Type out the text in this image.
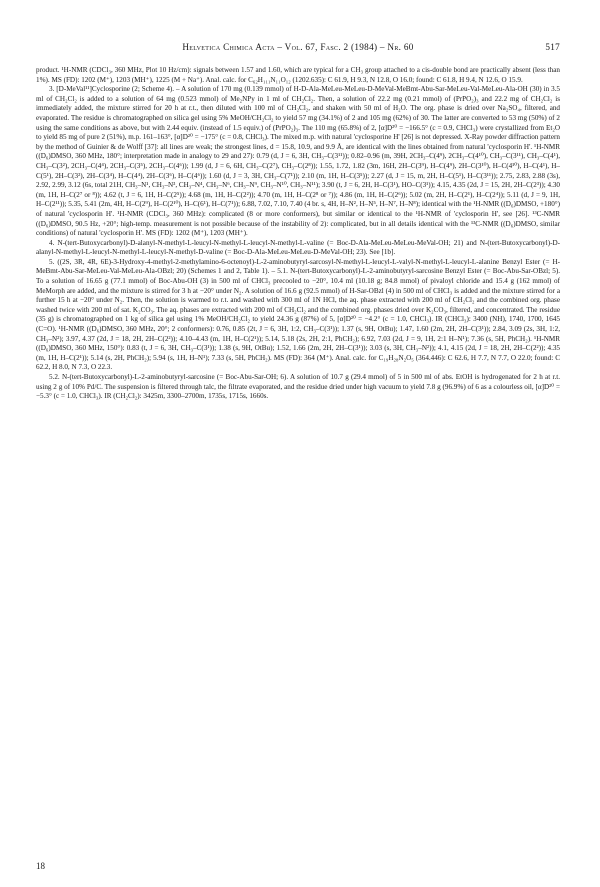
Helvetica Chimica Acta – Vol. 67, Fasc. 2 (1984) – Nr. 60	517

product. ¹H-NMR (CDCl₃, 360 MHz, Plot 10 Hz/cm): signals between 1.57 and 1.60, which are typical for a CH₃ group attached to a cis-double bond are practically absent (less than 1%). MS (FD): 1202 (M⁺), 1203 (MH⁺), 1225 (M + Na⁺). Anal. calc. for C₆₂H₁₁₁N₁₁O₁₂ (1202.635): C 61.9, H 9.3, N 12.8, O 16.0; found: C 61.8, H 9.4, N 12.6, O 15.9.

3. [D-MeVal¹¹]Cyclosporine (2; Scheme 4). – A solution of 170 mg (0.139 mmol) of H-D-Ala-MeLeu-MeLeu-D-MeVal-MeBmt-Abu-Sar-MeLeu-Val-MeLeu-Ala-OH (30) in 3.5 ml of CH₂Cl₂ is added to a solution of 64 mg (0.523 mmol) of Me₂NPy in 1 ml of CH₂Cl₂. Then, a solution of 22.2 mg (0.21 mmol) of (PrPO₂)₃ and 22.2 mg of CH₂Cl₂ is immediately added, the mixture stirred for 20 h at r.t., then diluted with 100 ml of CH₂Cl₂, and shaken with 50 ml of H₂O. The org. phase is dried over Na₂SO₄, filtered, and evaporated. The residue is chromatographed on silica gel using 5% MeOH/CH₂Cl₂ to yield 57 mg (34.1%) of 2 and 105 mg (62%) of 30. The latter are converted to 53 mg (50%) of 2 using the same conditions as above, but with 2.44 equiv. (instead of 1.5 equiv.) of (PrPO₂)₃. The 110 mg (65.8%) of 2, [α]D²⁰ = −166.5° (c = 0.9, CHCl₃) were crystallized from Et₂O to yield 85 mg of pure 2 (51%), m.p. 161–163°, [α]D²⁰ = −175° (c = 0.8, CHCl₃). The mixed m.p. with natural 'cyclosporine H' [26] is not depressed. X-Ray powder diffraction pattern by the method of Guinier & de Wolff [37]: all lines are weak; the strongest lines, d = 15.8, 10.9, and 9.9 Å, are identical with the lines obtained from natural 'cyclosporin H'. ¹H-NMR ((D₆)DMSO, 360 MHz, 180°; interpretation made in analogy to 29 and 27): 0.79 (d, J = 6, 3H, CH₃–C(3¹¹)); 0.82–0.96 (m, 39H, 2CH₃–C(4⁹), 2CH₃–C(4¹⁰), CH₃–C(3¹¹), CH₃–C(4¹), CH₃–C(3²), 2CH₃–C(4⁴), 2CH₃–C(3⁵), 2CH₃–C(4⁶)); 1.99 (d, J = 6, 6H, CH₃–C(2⁷), CH₃–C(2⁸)); 1.55, 1.72, 1.82 (3m, 16H, 2H–C(3⁹), H–C(4⁹), 2H–C(3¹⁰), H–C(4¹⁰), H–C(4¹), H–C(5¹), 2H–C(3²), 2H–C(3⁴), H–C(4⁴), 2H–C(3⁶), H–C(4⁶)); 1.60 (d, J = 3, 3H, CH₃–C(7¹)); 2.10 (m, 1H, H–C(3⁵)); 2.27 (d, J = 15, m, 2H, H–C(5¹), H–C(3¹¹)); 2.75, 2.83, 2.88 (3s), 2.92, 2.99, 3.12 (6s, total 21H, CH₃–N¹, CH₃–N³, CH₃–N⁴, CH₃–N⁶, CH₃–N⁹, CH₃–N¹⁰, CH₃–N¹¹); 3.90 (t, J = 6, 2H, H–C(3¹), HO–C(3¹)); 4.15, 4.35 (2d, J = 15, 2H, 2H–C(2³)); 4.30 (m, 1H, H–C(2⁷ or ⁸)); 4.62 (t, J = 6, 1H, H–C(2⁵)); 4.68 (m, 1H, H–C(2²)); 4.70 (m, 1H, H–C(2⁸ or ⁷)); 4.86 (m, 1H, H–C(2⁶)); 5.02 (m, 2H, H–C(2¹), H–C(2⁴)); 5.11 (d, J = 9, 1H, H–C(2¹¹)); 5.35, 5.41 (2m, 4H, H–C(2⁹), H–C(2¹⁰), H–C(6¹), H–C(7¹)); 6.88, 7.02, 7.10, 7.40 (4 br. s, 4H, H–N², H–N⁵, H–N⁷, H–N⁸); identical with the ¹H-NMR ((D₆)DMSO, +180°) of natural 'cyclosporin H'. ¹H-NMR (CDCl₃, 360 MHz): complicated (8 or more conformers), but similar or identical to the ¹H-NMR of 'cyclosporin H', see [26]. ¹³C-NMR ((D₆)DMSO, 90.5 Hz, +20°; high-temp. measurement is not possible because of the instability of 2): complicated, but in all details identical with the ¹³C-NMR ((D₆)DMSO, similar conditions) of natural 'cyclosporin H'. MS (FD): 1202 (M⁺), 1203 (MH⁺).

4. N-(tert-Butoxycarbonyl)-D-alanyl-N-methyl-L-leucyl-N-methyl-L-leucyl-N-methyl-L-valine (= Boc-D-Ala-MeLeu-MeLeu-MeVal-OH; 21) and N-(tert-Butoxycarbonyl)-D-alanyl-N-methyl-L-leucyl-N-methyl-L-leucyl-N-methyl-D-valine (= Boc-D-Ala-MeLeu-MeLeu-D-MeVal-OH; 23). See [1b].

5. ((2S, 3R, 4R, 6E)-3-Hydroxy-4-methyl-2-methylamino-6-octenoyl)-L-2-aminobutyryl-sarcosyl-N-methyl-L-leucyl-L-valyl-N-methyl-L-leucyl-L-alanine Benzyl Ester (= H-MeBmt-Abu-Sar-MeLeu-Val-MeLeu-Ala-OBzl; 20) (Schemes 1 and 2, Table 1). – 5.1. N-(tert-Butoxycarbonyl)-L-2-aminobutyryl-sarcosine Benzyl Ester (= Boc-Abu-Sar-OBzl; 5). To a solution of 16.65 g (77.1 mmol) of Boc-Abu-OH (3) in 500 ml of CHCl₃ precooled to −20°, 10.4 ml (10.18 g; 84.8 mmol) of pivaloyl chloride and 15.4 g (162 mmol) of MeMorph are added, and the mixture is stirred for 3 h at −20° under N₂. A solution of 16.6 g (92.5 mmol) of H-Sar-OBzl (4) in 500 ml of CHCl₃ is added and the mixture stirred for a further 15 h at −20° under N₂. Then, the solution is warmed to r.t. and washed with 300 ml of 1N HCl, the aq. phase extracted with 200 ml of CH₂Cl₂ and the combined org. phase washed twice with 200 ml of sat. K₂CO₃. The aq. phases are extracted with 200 ml of CH₂Cl₂ and the combined org. phases dried over K₂CO₃, filtered, and concentrated. The residue (35 g) is chromatographed on 1 kg of silica gel using 1% MeOH/CH₂Cl₂ to yield 24.36 g (87%) of 5, [α]D²⁰ = −4.2° (c = 1.0, CHCl₃). IR (CHCl₃): 3400 (NH), 1740, 1700, 1645 (C=O). ¹H-NMR ((D₆)DMSO, 360 MHz, 20°; 2 conformers): 0.76, 0.85 (2t, J = 6, 3H, 1:2, CH₃–C(3¹)); 1.37 (s, 9H, OtBu); 1.47, 1.60 (2m, 2H, 2H–C(3¹)); 2.84, 3.09 (2s, 3H, 1:2, CH₃–N²); 3.97, 4.37 (2d, J = 18, 2H, 2H–C(2²)); 4.10–4.43 (m, 1H, H–C(2¹)); 5.14, 5.18 (2s, 2H, 2:1, PhCH₂); 6.92, 7.03 (2d, J = 9, 1H, 2:1 H–N¹); 7.36 (s, 5H, PhCH₂). ¹H-NMR ((D₆)DMSO, 360 MHz, 150°): 0.83 (t, J = 6, 3H, CH₃–C(3¹)); 1.38 (s, 9H, OtBu); 1.52, 1.66 (2m, 2H, 2H–C(3¹)); 3.03 (s, 3H, CH₃–N²)); 4.1, 4.15 (2d, J = 18, 2H, 2H–C(2²)); 4.35 (m, 1H, H–C(2¹)); 5.14 (s, 2H, PhCH₂); 5.94 (s, 1H, H–N¹); 7.33 (s, 5H, PhCH₂). MS (FD): 364 (M⁺). Anal. calc. for C₁₉H₂₈N₂O₅ (364.446): C 62.6, H 7.7, N 7.7, O 22.0; found: C 62.2, H 8.0, N 7.3, O 22.3.

5.2. N-(tert-Butoxycarbonyl)-L-2-aminobutyryl-sarcosine (= Boc-Abu-Sar-OH; 6). A solution of 10.7 g (29.4 mmol) of 5 in 500 ml of abs. EtOH is hydrogenated for 2 h at r.t. using 2 g of 10% Pd/C. The suspension is filtered through talc, the filtrate evaporated, and the residue dried under high vacuum to yield 7.8 g (96.9%) of 6 as a colourless oil, [α]D²⁰ = −5.3° (c = 1.0, CHCl₃). IR (CH₂Cl₂): 3425m, 3300–2700m, 1735s, 1715s, 1660s.

18
